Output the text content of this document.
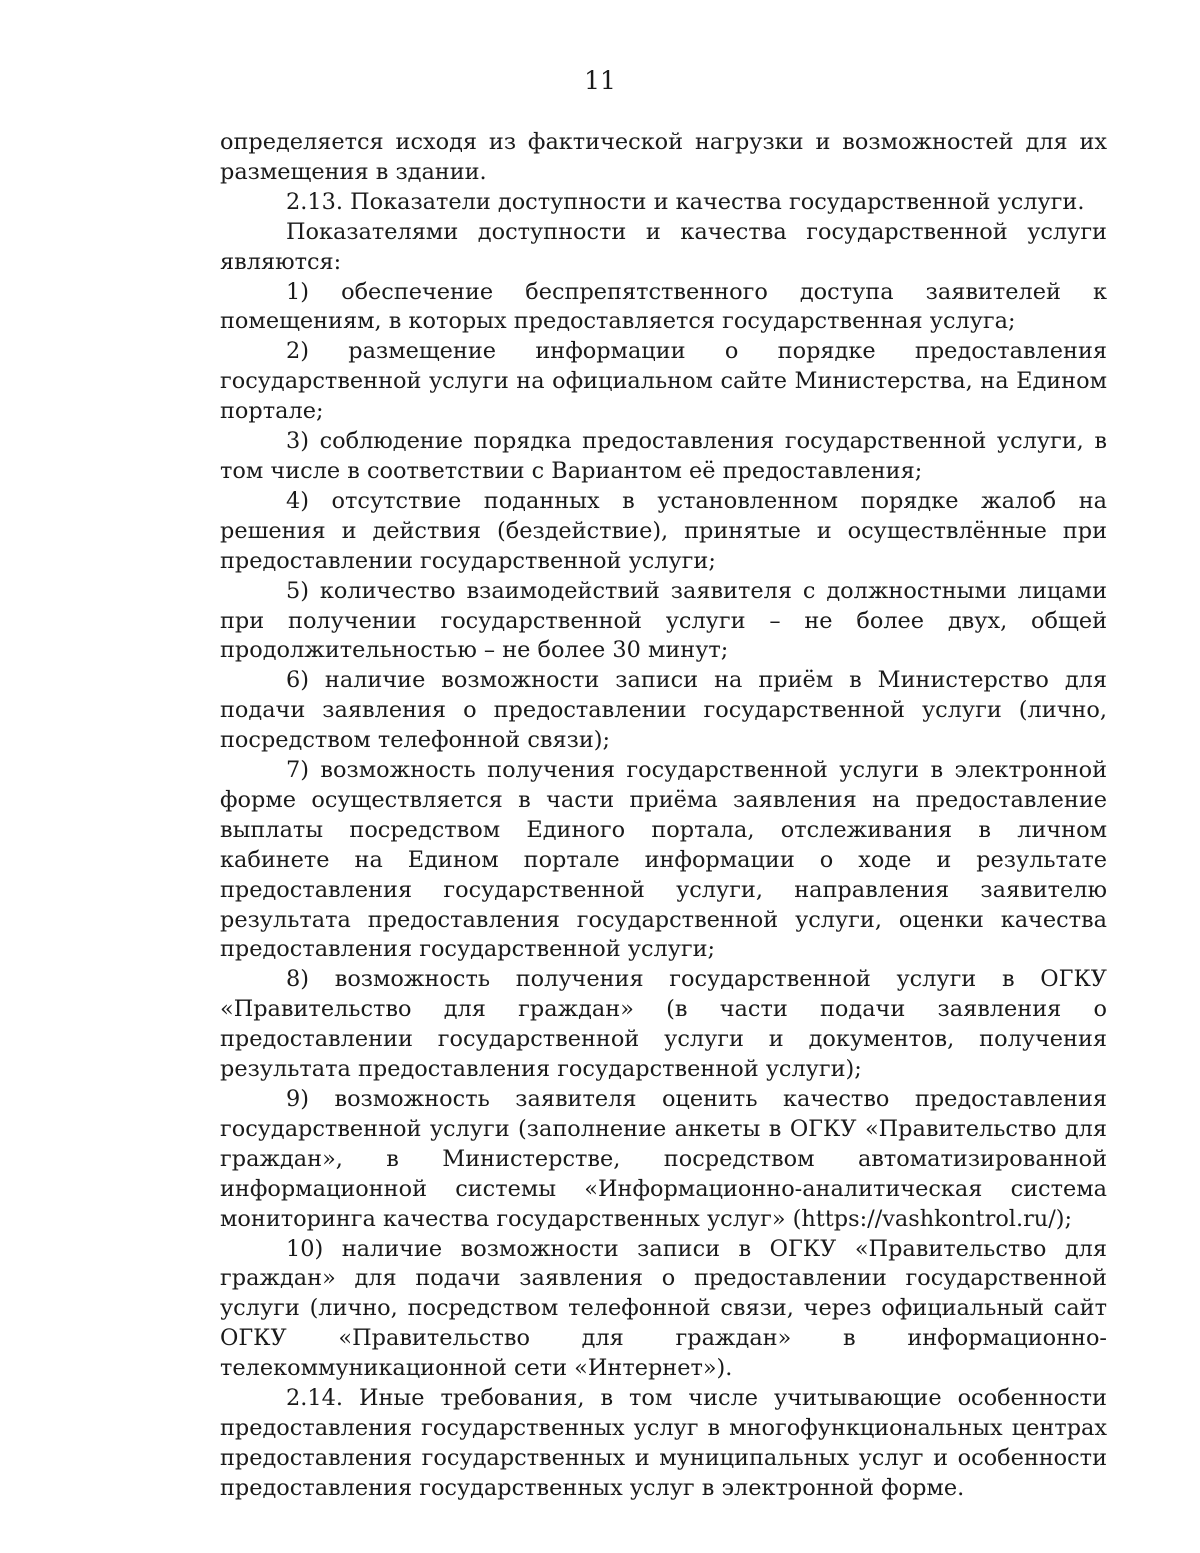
11

определяется исходя из фактической нагрузки и возможностей для их размещения в здании.

2.13. Показатели доступности и качества государственной услуги.

Показателями доступности и качества государственной услуги являются:

1) обеспечение беспрепятственного доступа заявителей к помещениям, в которых предоставляется государственная услуга;

2) размещение информации о порядке предоставления государственной услуги на официальном сайте Министерства, на Едином портале;

3) соблюдение порядка предоставления государственной услуги, в том числе в соответствии с Вариантом её предоставления;

4) отсутствие поданных в установленном порядке жалоб на решения и действия (бездействие), принятые и осуществлённые при предоставлении государственной услуги;

5) количество взаимодействий заявителя с должностными лицами при получении государственной услуги – не более двух, общей продолжительностью – не более 30 минут;

6) наличие возможности записи на приём в Министерство для подачи заявления о предоставлении государственной услуги (лично, посредством телефонной связи);

7) возможность получения государственной услуги в электронной форме осуществляется в части приёма заявления на предоставление выплаты посредством Единого портала, отслеживания в личном кабинете на Едином портале информации о ходе и результате предоставления государственной услуги, направления заявителю результата предоставления государственной услуги, оценки качества предоставления государственной услуги;

8) возможность получения государственной услуги в ОГКУ «Правительство для граждан» (в части подачи заявления о предоставлении государственной услуги и документов, получения результата предоставления государственной услуги);

9) возможность заявителя оценить качество предоставления государственной услуги (заполнение анкеты в ОГКУ «Правительство для граждан», в Министерстве, посредством автоматизированной информационной системы «Информационно-аналитическая система мониторинга качества государственных услуг» (https://vashkontrol.ru/);

10) наличие возможности записи в ОГКУ «Правительство для граждан» для подачи заявления о предоставлении государственной услуги (лично, посредством телефонной связи, через официальный сайт ОГКУ «Правительство для граждан» в информационно-телекоммуникационной сети «Интернет»).

2.14. Иные требования, в том числе учитывающие особенности предоставления государственных услуг в многофункциональных центрах предоставления государственных и муниципальных услуг и особенности предоставления государственных услуг в электронной форме.
